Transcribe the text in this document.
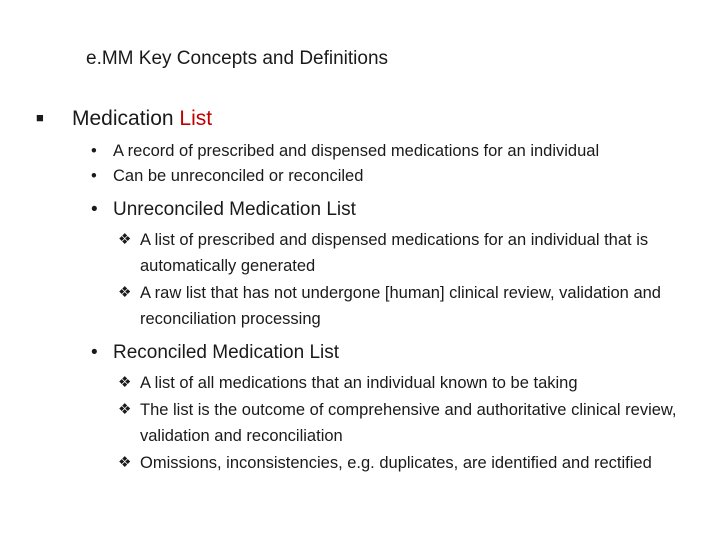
e.MM Key Concepts and Definitions
■	Medication List
• A record of prescribed and dispensed medications for an individual
• Can be unreconciled or reconciled
• Unreconciled Medication List
❖ A list of prescribed and dispensed medications for an individual that is automatically generated
❖ A raw list that has not undergone [human] clinical review, validation and reconciliation processing
• Reconciled Medication List
❖ A list of all medications that an individual known to be taking
❖ The list is the outcome of comprehensive and authoritative clinical review, validation and reconciliation
❖ Omissions, inconsistencies, e.g. duplicates, are identified and rectified
